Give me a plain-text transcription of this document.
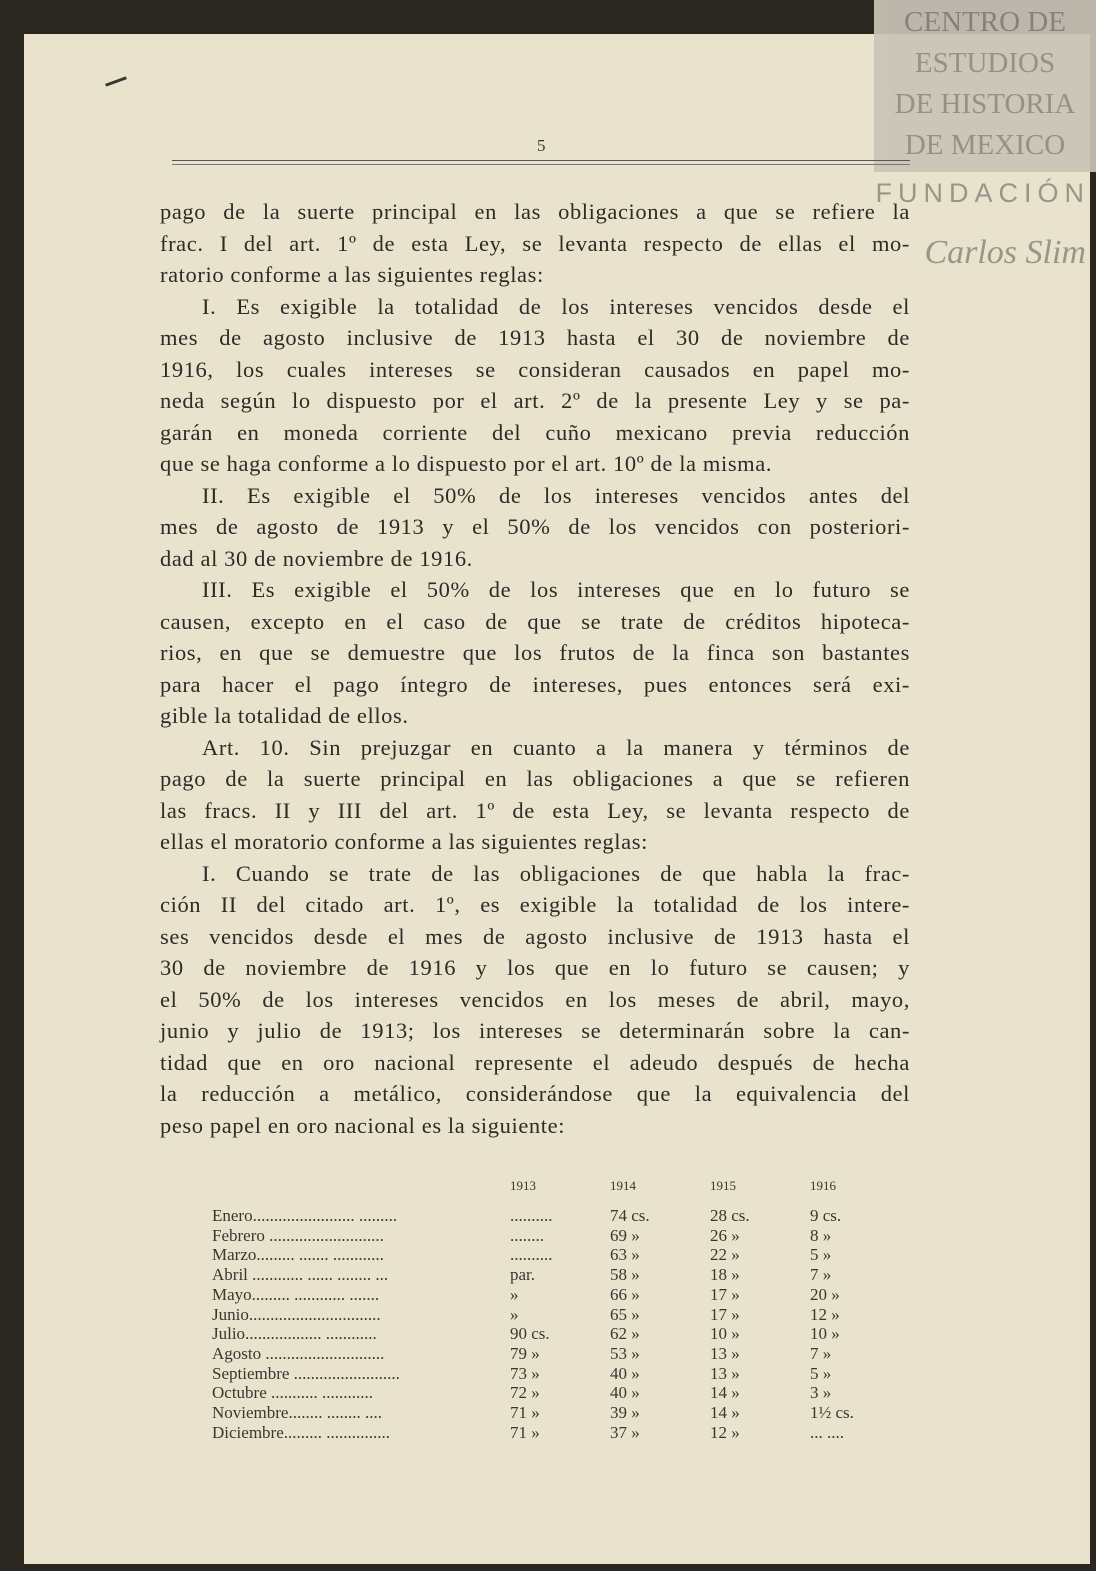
CENTRO DE
ESTUDIOS
DE HISTORIA
DE MEXICO
FUNDACIÓN
Carlos Slim
5
pago de la suerte principal en las obligaciones a que se refiere la
frac. I del art. 1º de esta Ley, se levanta respecto de ellas el mo-
ratorio conforme a las siguientes reglas:
I. Es exigible la totalidad de los intereses vencidos desde el
mes de agosto inclusive de 1913 hasta el 30 de noviembre de
1916, los cuales intereses se consideran causados en papel mo-
neda según lo dispuesto por el art. 2º de la presente Ley y se pa-
garán en moneda corriente del cuño mexicano previa reducción
que se haga conforme a lo dispuesto por el art. 10º de la misma.
II. Es exigible el 50% de los intereses vencidos antes del
mes de agosto de 1913 y el 50% de los vencidos con posteriori-
dad al 30 de noviembre de 1916.
III. Es exigible el 50% de los intereses que en lo futuro se
causen, excepto en el caso de que se trate de créditos hipoteca-
rios, en que se demuestre que los frutos de la finca son bastantes
para hacer el pago íntegro de intereses, pues entonces será exi-
gible la totalidad de ellos.
Art. 10. Sin prejuzgar en cuanto a la manera y términos de
pago de la suerte principal en las obligaciones a que se refieren
las fracs. II y III del art. 1º de esta Ley, se levanta respecto de
ellas el moratorio conforme a las siguientes reglas:
I. Cuando se trate de las obligaciones de que habla la frac-
ción II del citado art. 1º, es exigible la totalidad de los intere-
ses vencidos desde el mes de agosto inclusive de 1913 hasta el
30 de noviembre de 1916 y los que en lo futuro se causen; y
el 50% de los intereses vencidos en los meses de abril, mayo,
junio y julio de 1913; los intereses se determinarán sobre la can-
tidad que en oro nacional represente el adeudo después de hecha
la reducción a metálico, considerándose que la equivalencia del
peso papel en oro nacional es la siguiente:
	1913	1914	1915	1916
Enero........................ .........	..........	74 cs.	28 cs.	9 cs.
Febrero ...........................	........	69 »	26 »	8 »
Marzo......... ....... ............	..........	63 »	22 »	5 »
Abril ............ ...... ........ ...	par.	58 »	18 »	7 »
Mayo......... ............ .......	»	66 »	17 »	20 »
Junio...............................	»	65 »	17 »	12 »
Julio.................. ............	90 cs.	62 »	10 »	10 »
Agosto ............................	79 »	53 »	13 »	7 »
Septiembre .........................	73 »	40 »	13 »	5 »
Octubre ........... ............	72 »	40 »	14 »	3 »
Noviembre........ ........ ....	71 »	39 »	14 »	1½ cs.
Diciembre......... ...............	71 »	37 »	12 »	... ....
